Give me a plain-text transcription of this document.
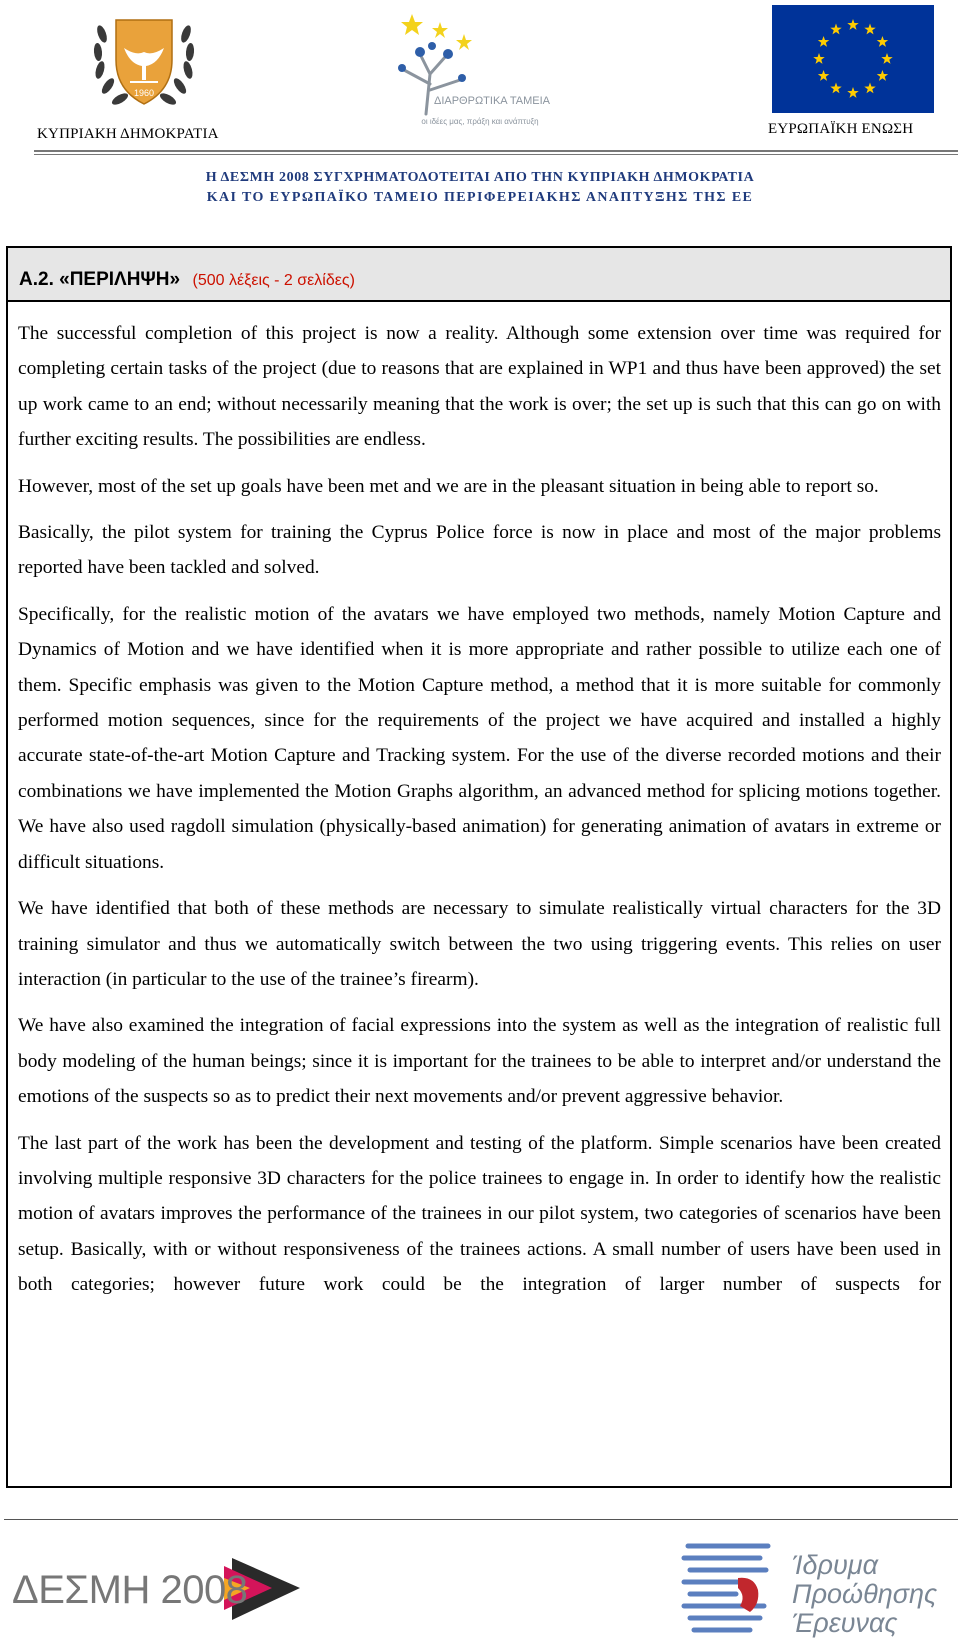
1960
ΔΙΑΡΘΡΩΤΙΚΑ ΤΑΜΕΙΑ
οι ιδέες μας, πράξη και ανάπτυξη
ΚΥΠΡΙΑΚΗ ΔΗΜΟΚΡΑΤΙΑ	ΕΥΡΩΠΑΪΚΗ ΕΝΩΣΗ
Η ΔΕΣΜΗ 2008 ΣΥΓΧΡΗΜΑΤΟΔΟΤΕΙΤΑΙ ΑΠΟ ΤΗΝ ΚΥΠΡΙΑΚΗ ΔΗΜΟΚΡΑΤΙΑ
ΚΑΙ ΤΟ ΕΥΡΩΠΑΪΚΟ ΤΑΜΕΙΟ ΠΕΡΙΦΕΡΕΙΑΚΗΣ ΑΝΑΠΤΥΞΗΣ ΤΗΣ ΕΕ
A.2. «ΠΕΡΙΛΗΨΗ» (500 λέξεις - 2 σελίδες)

The successful completion of this project is now a reality. Although some extension over time was required for completing certain tasks of the project (due to reasons that are explained in WP1 and thus have been approved) the set up work came to an end; without necessarily meaning that the work is over; the set up is such that this can go on with further exciting results. The possibilities are endless.

However, most of the set up goals have been met and we are in the pleasant situation in being able to report so.

Basically, the pilot system for training the Cyprus Police force is now in place and most of the major problems reported have been tackled and solved.

Specifically, for the realistic motion of the avatars we have employed two methods, namely Motion Capture and Dynamics of Motion and we have identified when it is more appropriate and rather possible to utilize each one of them. Specific emphasis was given to the Motion Capture method, a method that it is more suitable for commonly performed motion sequences, since for the requirements of the project we have acquired and installed a highly accurate state-of-the-art Motion Capture and Tracking system. For the use of the diverse recorded motions and their combinations we have implemented the Motion Graphs algorithm, an advanced method for splicing motions together. We have also used ragdoll simulation (physically-based animation) for generating animation of avatars in extreme or difficult situations.

We have identified that both of these methods are necessary to simulate realistically virtual characters for the 3D training simulator and thus we automatically switch between the two using triggering events. This relies on user interaction (in particular to the use of the trainee’s firearm).

We have also examined the integration of facial expressions into the system as well as the integration of realistic full body modeling of the human beings; since it is important for the trainees to be able to interpret and/or understand the emotions of the suspects so as to predict their next movements and/or prevent aggressive behavior.

The last part of the work has been the development and testing of the platform. Simple scenarios have been created involving multiple responsive 3D characters for the police trainees to engage in. In order to identify how the realistic motion of avatars improves the performance of the trainees in our pilot system, two categories of scenarios have been setup. Basically, with or without responsiveness of the trainees actions. A small number of users have been used in both categories; however future work could be the integration of larger number of suspects for

ΔΕΣΜΗ 2008
Ίδρυμα
Προώθησης
Έρευνας
